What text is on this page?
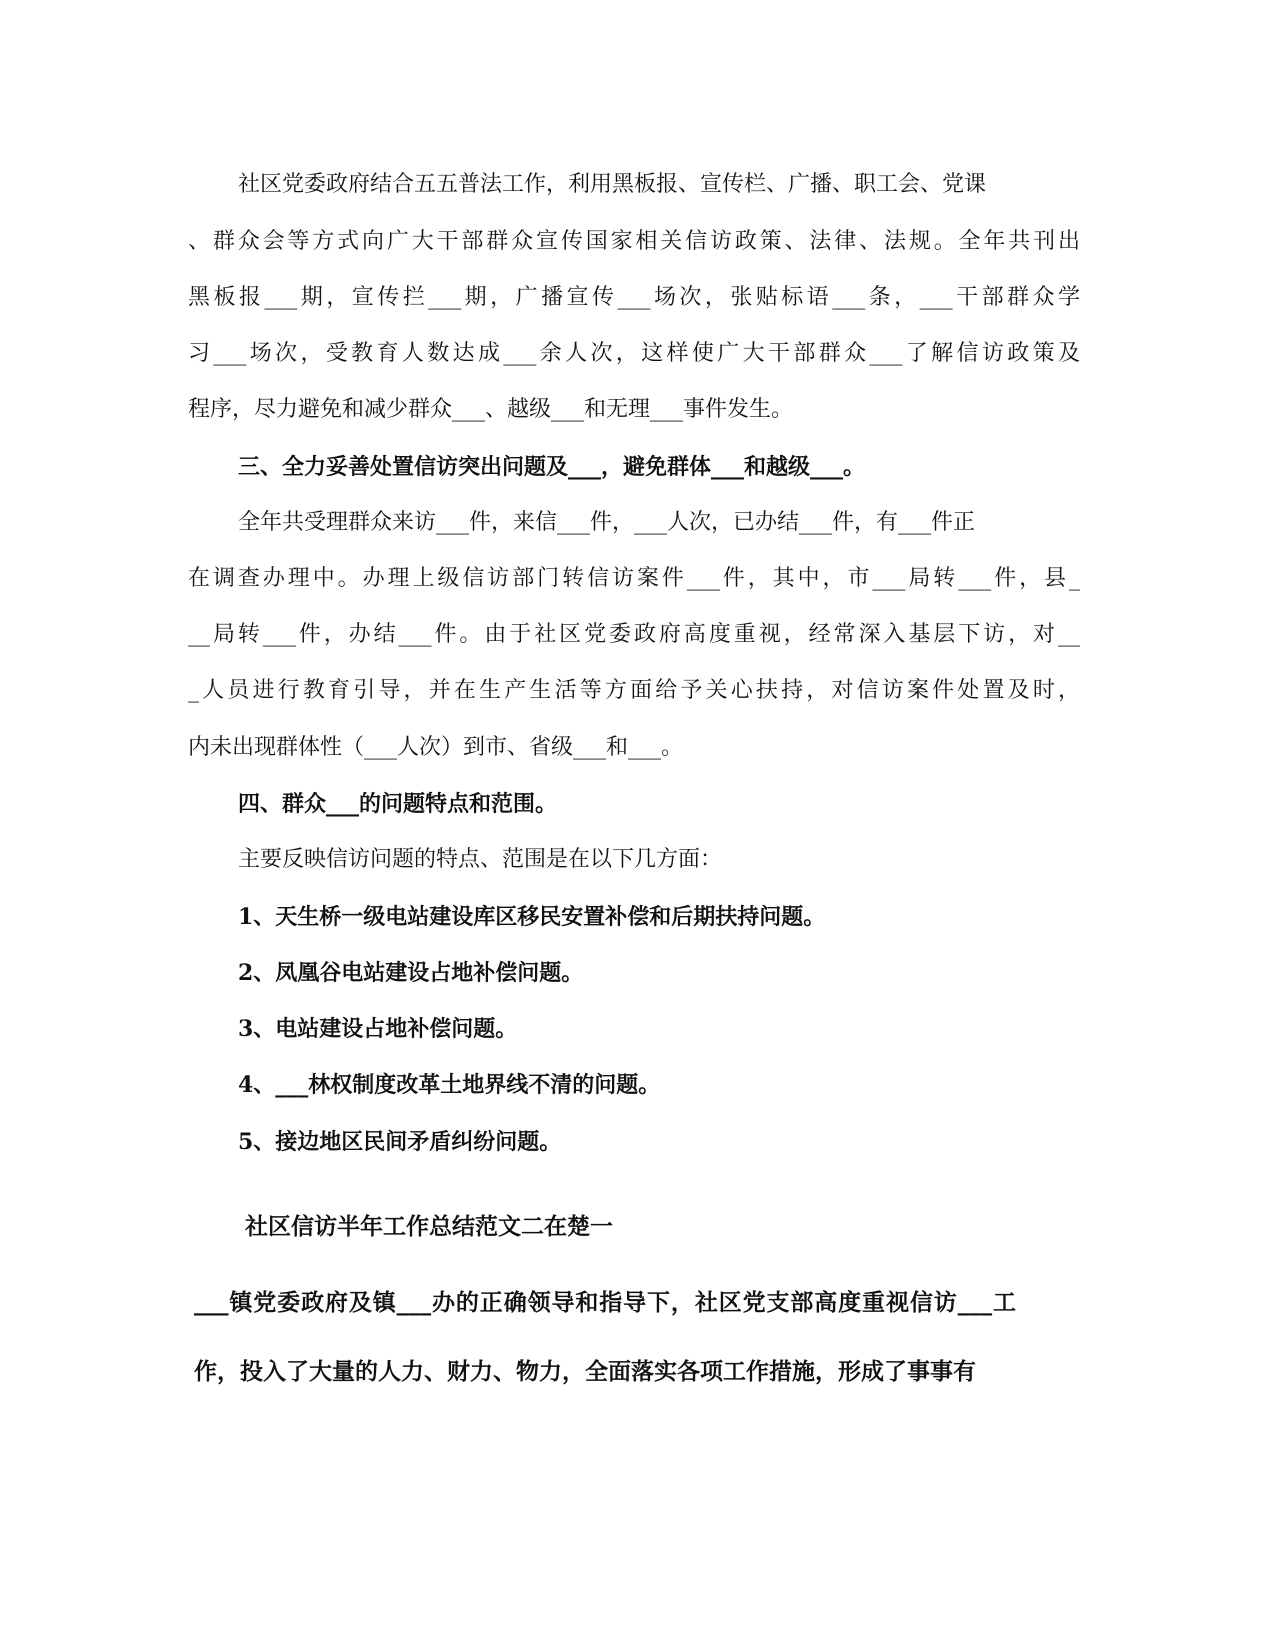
社区党委政府结合五五普法工作，利用黑板报、宣传栏、广播、职工会、党课

、群众会等方式向广大干部群众宣传国家相关信访政策、法律、法规。全年共刊出

黑板报___期，宣传拦___期，广播宣传___场次，张贴标语___条，___干部群众学

习___场次，受教育人数达成___余人次，这样使广大干部群众___了解信访政策及

程序，尽力避免和减少群众___、越级___和无理___事件发生。

三、全力妥善处置信访突出问题及___，避免群体___和越级___。

全年共受理群众来访___件，来信___件，___人次，已办结___件，有___件正

在调查办理中。办理上级信访部门转信访案件___件，其中，市___局转___件，县_

__局转___件，办结___件。由于社区党委政府高度重视，经常深入基层下访，对__

_人员进行教育引导，并在生产生活等方面给予关心扶持，对信访案件处置及时，

内未出现群体性（___人次）到市、省级___和___。

四、群众___的问题特点和范围。

主要反映信访问题的特点、范围是在以下几方面：

1、天生桥一级电站建设库区移民安置补偿和后期扶持问题。

2、凤凰谷电站建设占地补偿问题。

3、电站建设占地补偿问题。

4、___林权制度改革土地界线不清的问题。

5、接边地区民间矛盾纠纷问题。

社区信访半年工作总结范文二在楚一

___镇党委政府及镇___办的正确领导和指导下，社区党支部高度重视信访___工

作，投入了大量的人力、财力、物力，全面落实各项工作措施，形成了事事有
